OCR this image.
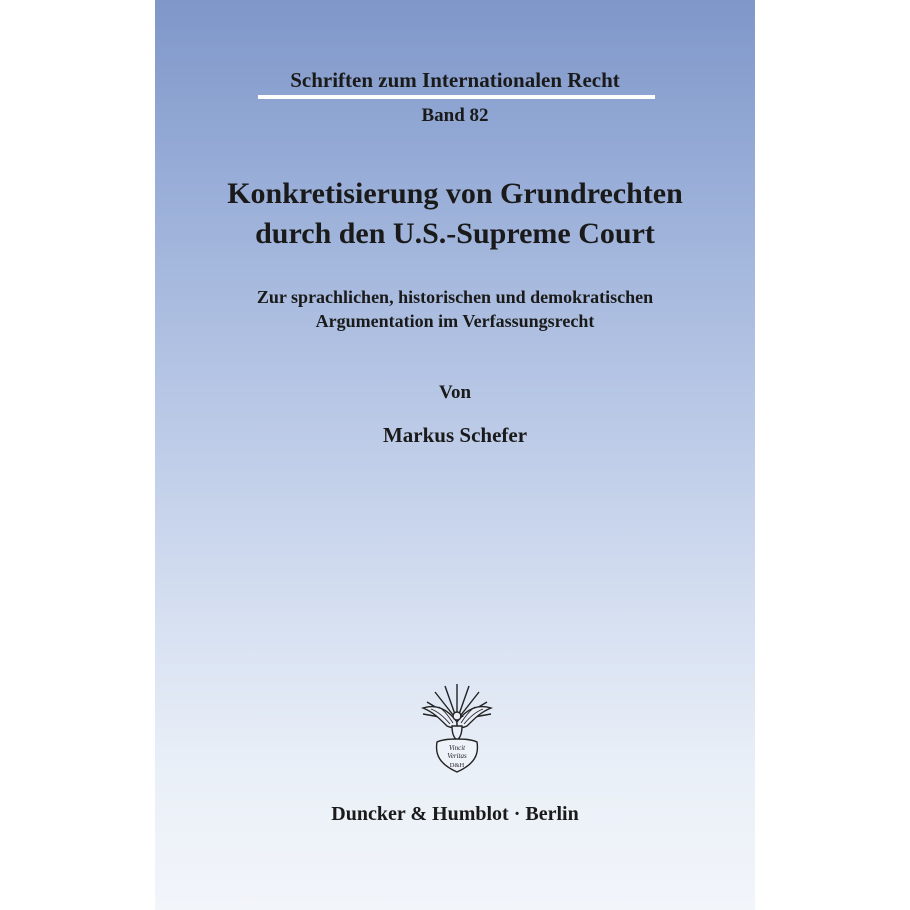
Schriften zum Internationalen Recht
Band 82
Konkretisierung von Grundrechten
durch den U.S.-Supreme Court
Zur sprachlichen, historischen und demokratischen
Argumentation im Verfassungsrecht
Von
Markus Schefer
Vincit
Veritas
D&H
Duncker & Humblot · Berlin
